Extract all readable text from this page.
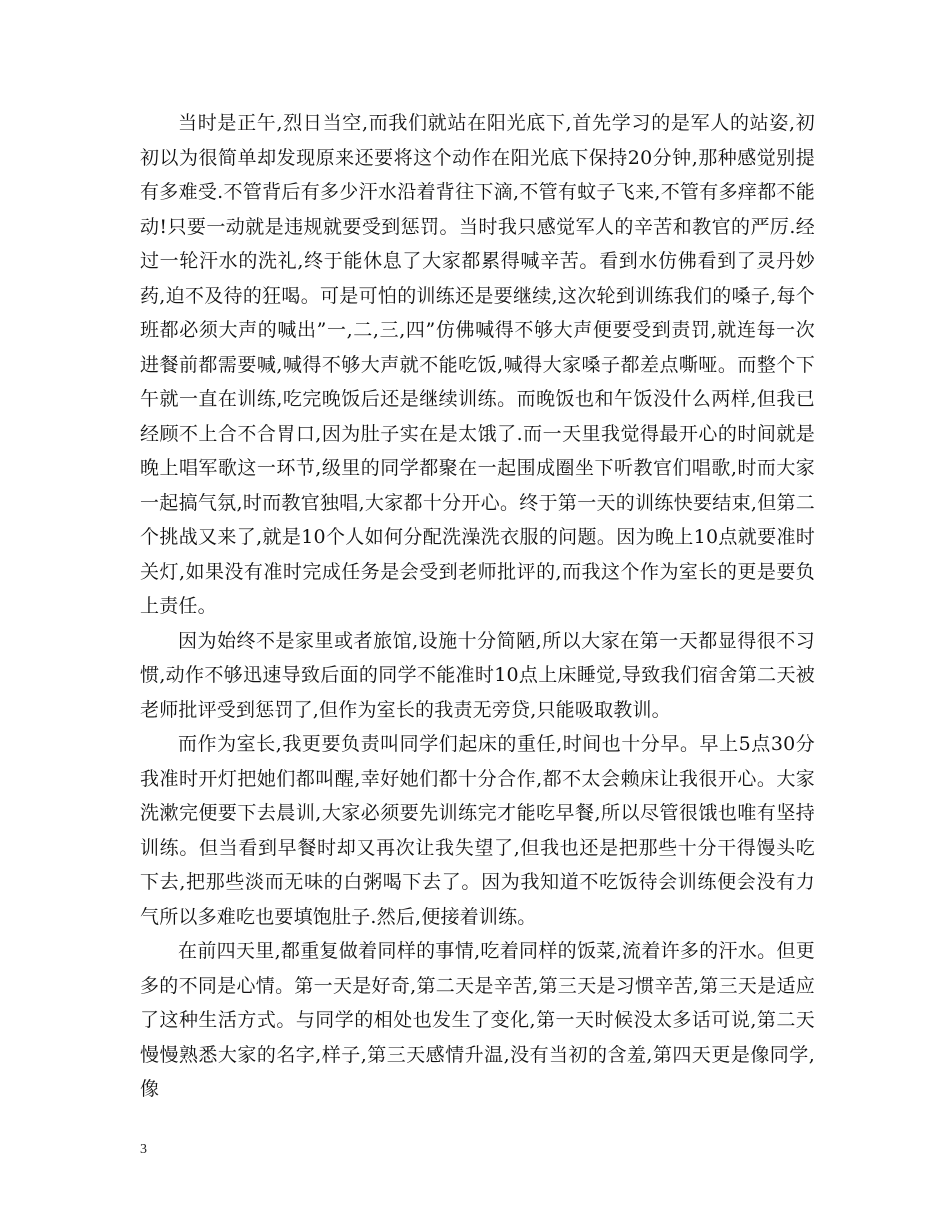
当时是正午,烈日当空,而我们就站在阳光底下,首先学习的是军人的站姿,初初以为很简单却发现原来还要将这个动作在阳光底下保持20分钟,那种感觉别提有多难受.不管背后有多少汗水沿着背往下滴,不管有蚊子飞来,不管有多痒都不能动!只要一动就是违规就要受到惩罚。当时我只感觉军人的辛苦和教官的严厉.经过一轮汗水的洗礼,终于能休息了大家都累得喊辛苦。看到水仿佛看到了灵丹妙药,迫不及待的狂喝。可是可怕的训练还是要继续,这次轮到训练我们的嗓子,每个班都必须大声的喊出”一,二,三,四”仿佛喊得不够大声便要受到责罚,就连每一次进餐前都需要喊,喊得不够大声就不能吃饭,喊得大家嗓子都差点嘶哑。而整个下午就一直在训练,吃完晚饭后还是继续训练。而晚饭也和午饭没什么两样,但我已经顾不上合不合胃口,因为肚子实在是太饿了.而一天里我觉得最开心的时间就是晚上唱军歌这一环节,级里的同学都聚在一起围成圈坐下听教官们唱歌,时而大家一起搞气氛,时而教官独唱,大家都十分开心。终于第一天的训练快要结束,但第二个挑战又来了,就是10个人如何分配洗澡洗衣服的问题。因为晚上10点就要准时关灯,如果没有准时完成任务是会受到老师批评的,而我这个作为室长的更是要负上责任。

因为始终不是家里或者旅馆,设施十分简陋,所以大家在第一天都显得很不习惯,动作不够迅速导致后面的同学不能准时10点上床睡觉,导致我们宿舍第二天被老师批评受到惩罚了,但作为室长的我责无旁贷,只能吸取教训。

而作为室长,我更要负责叫同学们起床的重任,时间也十分早。早上5点30分我准时开灯把她们都叫醒,幸好她们都十分合作,都不太会赖床让我很开心。大家洗漱完便要下去晨训,大家必须要先训练完才能吃早餐,所以尽管很饿也唯有坚持训练。但当看到早餐时却又再次让我失望了,但我也还是把那些十分干得馒头吃下去,把那些淡而无味的白粥喝下去了。因为我知道不吃饭待会训练便会没有力气所以多难吃也要填饱肚子.然后,便接着训练。

在前四天里,都重复做着同样的事情,吃着同样的饭菜,流着许多的汗水。但更多的不同是心情。第一天是好奇,第二天是辛苦,第三天是习惯辛苦,第三天是适应了这种生活方式。与同学的相处也发生了变化,第一天时候没太多话可说,第二天慢慢熟悉大家的名字,样子,第三天感情升温,没有当初的含羞,第四天更是像同学,像

3
